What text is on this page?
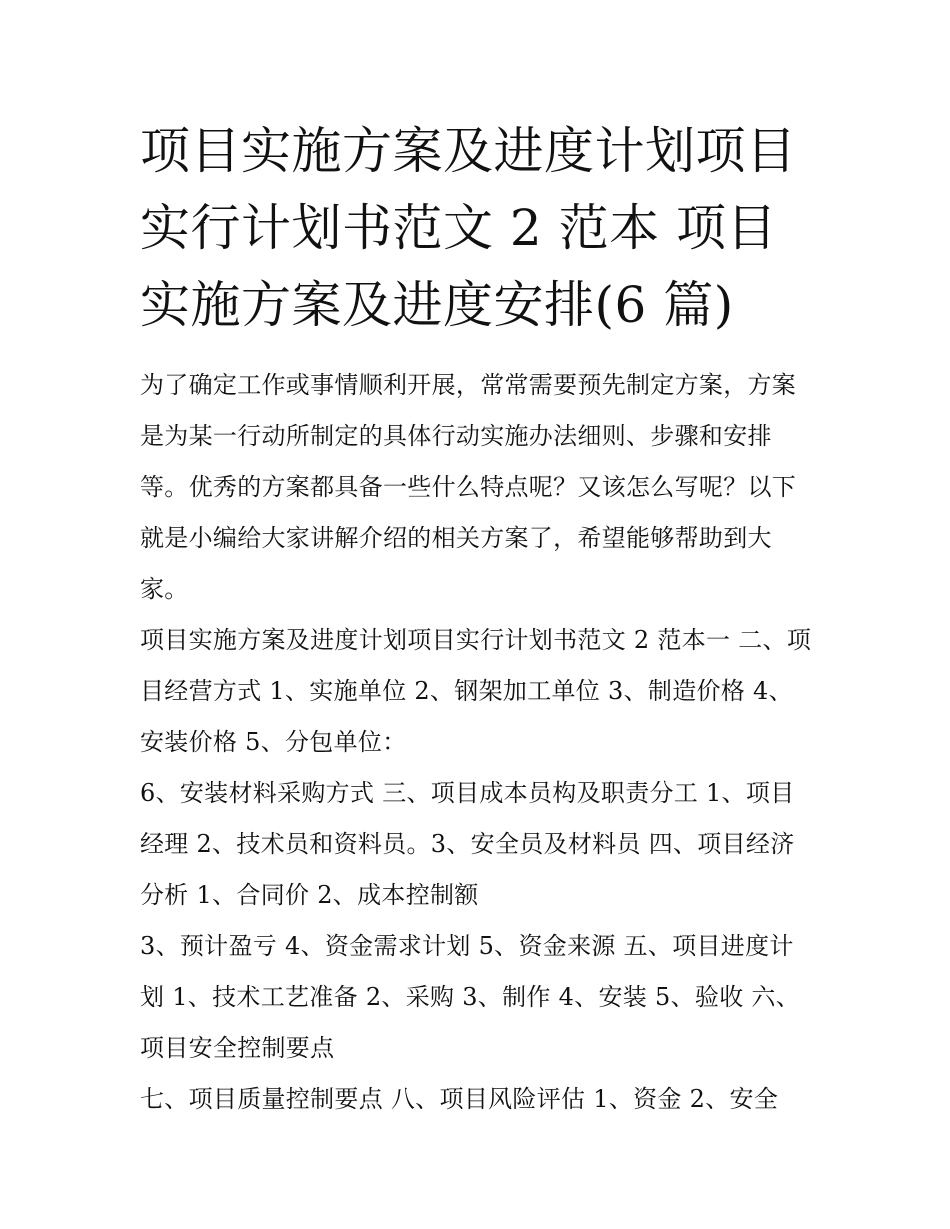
项目实施方案及进度计划项目实行计划书范文 2 范本 项目实施方案及进度安排(6 篇)

为了确定工作或事情顺利开展，常常需要预先制定方案，方案是为某一行动所制定的具体行动实施办法细则、步骤和安排等。优秀的方案都具备一些什么特点呢？又该怎么写呢？以下就是小编给大家讲解介绍的相关方案了，希望能够帮助到大家。

项目实施方案及进度计划项目实行计划书范文 2 范本一 二、项目经营方式 1、实施单位 2、钢架加工单位 3、制造价格 4、安装价格 5、分包单位：

6、安装材料采购方式 三、项目成本员构及职责分工 1、项目经理 2、技术员和资料员。3、安全员及材料员 四、项目经济分析 1、合同价 2、成本控制额

3、预计盈亏 4、资金需求计划 5、资金来源 五、项目进度计划 1、技术工艺准备 2、采购 3、制作 4、安装 5、验收 六、项目安全控制要点

七、项目质量控制要点 八、项目风险评估 1、资金 2、安全
